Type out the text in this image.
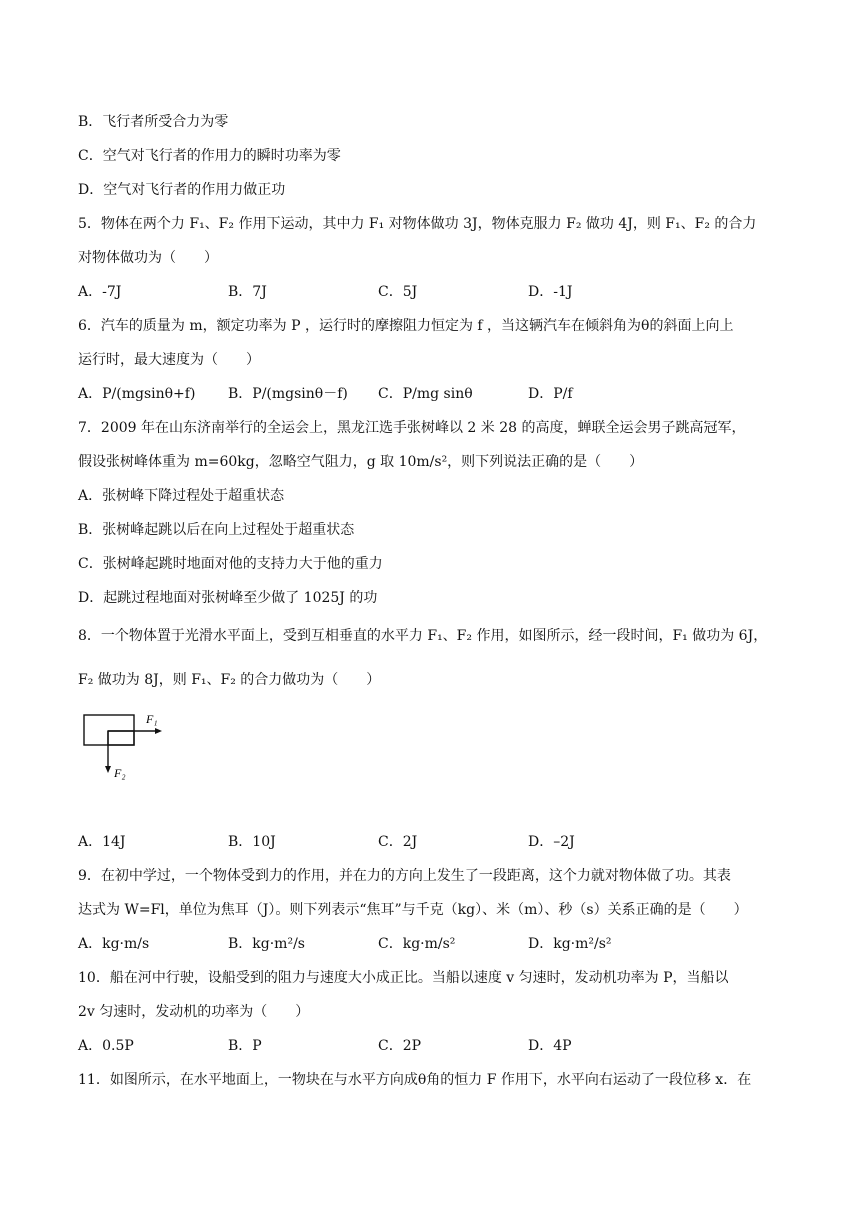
B．飞行者所受合力为零
C．空气对飞行者的作用力的瞬时功率为零
D．空气对飞行者的作用力做正功
5．物体在两个力 F₁、F₂ 作用下运动，其中力 F₁ 对物体做功 3J，物体克服力 F₂ 做功 4J，则 F₁、F₂ 的合力
对物体做功为（　　）
A．-7J	B．7J	C．5J	D．-1J
6．汽车的质量为 m，额定功率为 P ，运行时的摩擦阻力恒定为 f ，当这辆汽车在倾斜角为θ的斜面上向上
运行时，最大速度为（　　）
A．P/(mgsinθ+f) B．P/(mgsinθ－f) C．P/mg sinθ	D．P/f
7．2009 年在山东济南举行的全运会上，黑龙江选手张树峰以 2 米 28 的高度，蝉联全运会男子跳高冠军，
假设张树峰体重为 m=60kg，忽略空气阻力，g 取 10m/s²，则下列说法正确的是（　　）
A．张树峰下降过程处于超重状态
B．张树峰起跳以后在向上过程处于超重状态
C．张树峰起跳时地面对他的支持力大于他的重力
D．起跳过程地面对张树峰至少做了 1025J 的功
8．一个物体置于光滑水平面上，受到互相垂直的水平力 F₁、F₂ 作用，如图所示，经一段时间，F₁ 做功为 6J，
F₂ 做功为 8J，则 F₁、F₂ 的合力做功为（　　）
F₁
F₂
A．14J	B．10J	C．2J	D．–2J
9．在初中学过，一个物体受到力的作用，并在力的方向上发生了一段距离，这个力就对物体做了功。其表
达式为 W=Fl，单位为焦耳（J）。则下列表示“焦耳”与千克（kg）、米（m）、秒（s）关系正确的是（　　）
A．kg·m/s	B．kg·m²/s	C．kg·m/s²	D．kg·m²/s²
10．船在河中行驶，设船受到的阻力与速度大小成正比。当船以速度 v 匀速时，发动机功率为 P，当船以
2v 匀速时，发动机的功率为（　　）
A．0.5P	B．P	C．2P	D．4P
11．如图所示，在水平地面上，一物块在与水平方向成θ角的恒力 F 作用下，水平向右运动了一段位移 x．在
